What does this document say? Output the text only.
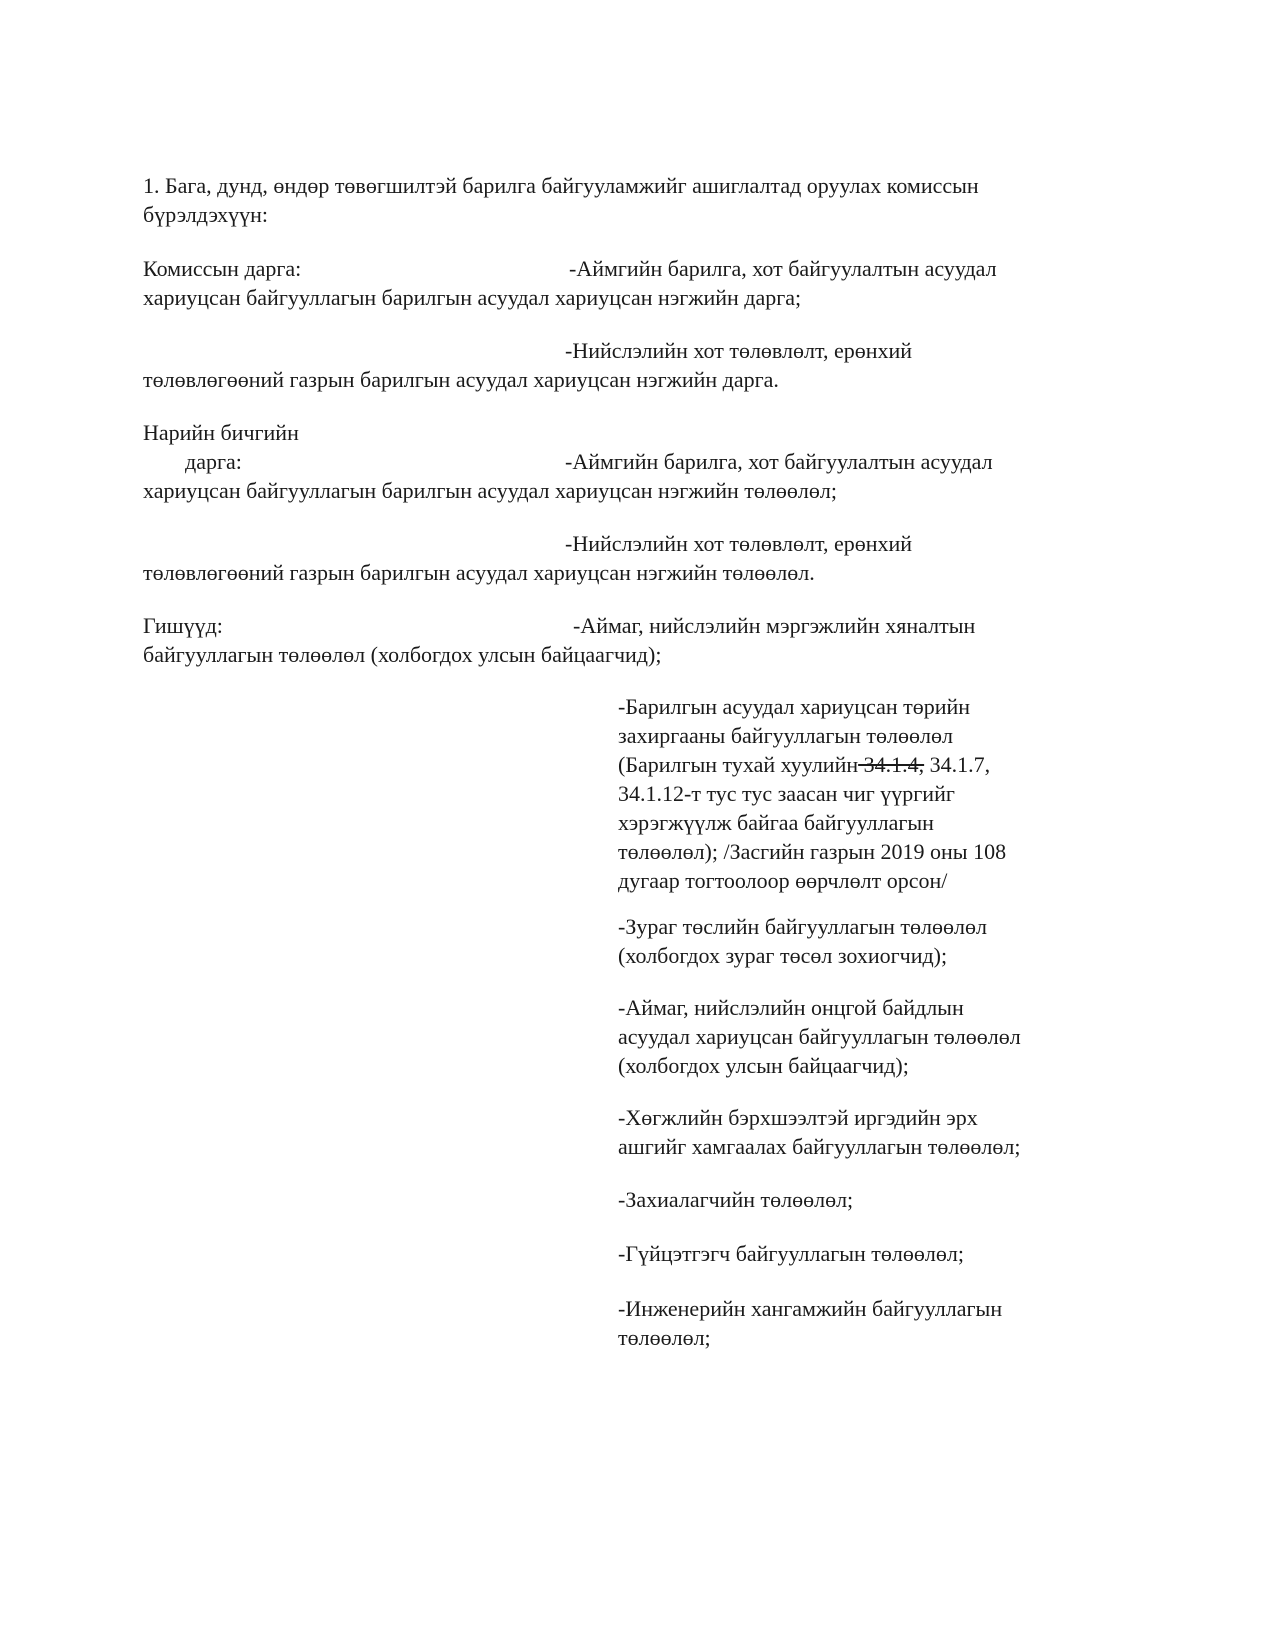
1. Бага, дунд, өндөр төвөгшилтэй барилга байгууламжийг ашиглалтад оруулах комиссын
бүрэлдэхүүн:
Комиссын дарга:	-Аймгийн барилга, хот байгуулалтын асуудал
хариуцсан байгууллагын барилгын асуудал хариуцсан нэгжийн дарга;
-Нийслэлийн хот төлөвлөлт, ерөнхий
төлөвлөгөөний газрын барилгын асуудал хариуцсан нэгжийн дарга.
Нарийн бичгийн
дарга:	-Аймгийн барилга, хот байгуулалтын асуудал
хариуцсан байгууллагын барилгын асуудал хариуцсан нэгжийн төлөөлөл;
-Нийслэлийн хот төлөвлөлт, ерөнхий
төлөвлөгөөний газрын барилгын асуудал хариуцсан нэгжийн төлөөлөл.
Гишүүд:	-Аймаг, нийслэлийн мэргэжлийн хяналтын
байгууллагын төлөөлөл (холбогдох улсын байцаагчид);
-Барилгын асуудал хариуцсан төрийн
захиргааны байгууллагын төлөөлөл
(Барилгын тухай хуулийн 34.1.4, 34.1.7,
34.1.12-т тус тус заасан чиг үүргийг
хэрэгжүүлж байгаа байгууллагын
төлөөлөл); /Засгийн газрын 2019 оны 108
дугаар тогтоолоор өөрчлөлт орсон/
-Зураг төслийн байгууллагын төлөөлөл
(холбогдох зураг төсөл зохиогчид);
-Аймаг, нийслэлийн онцгой байдлын
асуудал хариуцсан байгууллагын төлөөлөл
(холбогдох улсын байцаагчид);
-Хөгжлийн бэрхшээлтэй иргэдийн эрх
ашгийг хамгаалах байгууллагын төлөөлөл;
-Захиалагчийн төлөөлөл;
-Гүйцэтгэгч байгууллагын төлөөлөл;
-Инженерийн хангамжийн байгууллагын
төлөөлөл;
